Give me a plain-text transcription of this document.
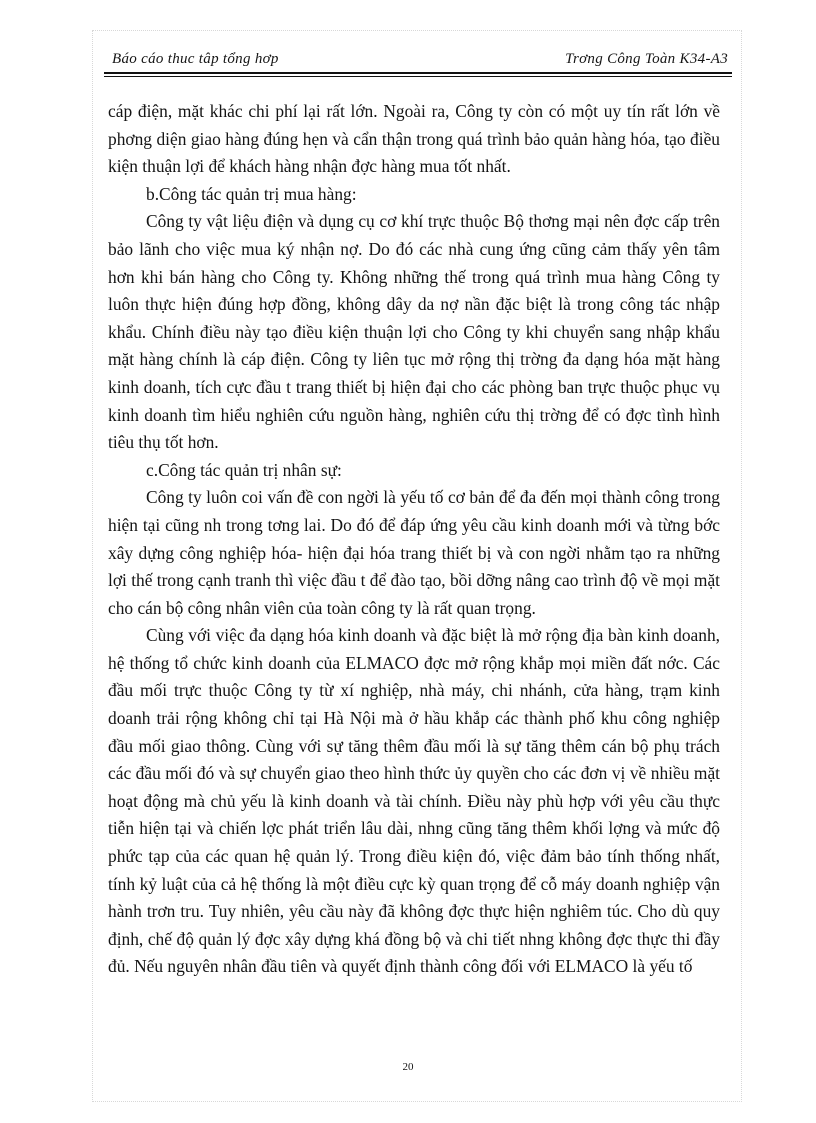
Báo cáo thuc tâp tổng hơp	Trơng Công Toàn K34-A3

cáp điện, mặt khác chi phí lại rất lớn. Ngoài ra, Công ty còn có một uy tín rất lớn về phơng diện giao hàng đúng hẹn và cẩn thận trong quá trình bảo quản hàng hóa, tạo điều kiện thuận lợi để khách hàng nhận đợc hàng mua tốt nhất.

b.Công tác quản trị mua hàng:

Công ty vật liệu điện và dụng cụ cơ khí trực thuộc Bộ thơng mại nên đợc cấp trên bảo lãnh cho việc mua ký nhận nợ. Do đó các nhà cung ứng cũng cảm thấy yên tâm hơn khi bán hàng cho Công ty. Không những thế trong quá trình mua hàng Công ty luôn thực hiện đúng hợp đồng, không dây da nợ nần đặc biệt là trong công tác nhập khẩu. Chính điều này tạo điều kiện thuận lợi cho Công ty khi chuyển sang nhập khẩu mặt hàng chính là cáp điện. Công ty liên tục mở rộng thị trờng đa dạng hóa mặt hàng kinh doanh, tích cực đầu t trang thiết bị hiện đại cho các phòng ban trực thuộc phục vụ kinh doanh tìm hiểu nghiên cứu nguồn hàng, nghiên cứu thị trờng để có đợc tình hình tiêu thụ tốt hơn.

c.Công tác quản trị nhân sự:

Công ty luôn coi vấn đề con ngời là yếu tố cơ bản để đa đến mọi thành công trong hiện tại cũng nh trong tơng lai. Do đó để đáp ứng yêu cầu kinh doanh mới và từng bớc xây dựng công nghiệp hóa- hiện đại hóa trang thiết bị và con ngời nhằm tạo ra những lợi thế trong cạnh tranh thì việc đầu t để đào tạo, bồi dỡng nâng cao trình độ về mọi mặt cho cán bộ công nhân viên của toàn công ty là rất quan trọng.

Cùng với việc đa dạng hóa kinh doanh và đặc biệt là mở rộng địa bàn kinh doanh, hệ thống tổ chức kinh doanh của ELMACO đợc mở rộng khắp mọi miền đất nớc. Các đầu mối trực thuộc Công ty từ xí nghiệp, nhà máy, chi nhánh, cửa hàng, trạm kinh doanh trải rộng không chỉ tại Hà Nội mà ở hầu khắp các thành phố khu công nghiệp đầu mối giao thông. Cùng với sự tăng thêm đầu mối là sự tăng thêm cán bộ phụ trách các đầu mối đó và sự chuyển giao theo hình thức ủy quyền cho các đơn vị về nhiều mặt hoạt động mà chủ yếu là kinh doanh và tài chính. Điều này phù hợp với yêu cầu thực tiễn hiện tại và chiến lợc phát triển lâu dài, nhng cũng tăng thêm khối lợng và mức độ phức tạp của các quan hệ quản lý. Trong điều kiện đó, việc đảm bảo tính thống nhất, tính kỷ luật của cả hệ thống là một điều cực kỳ quan trọng để cỗ máy doanh nghiệp vận hành trơn tru. Tuy nhiên, yêu cầu này đã không đợc thực hiện nghiêm túc. Cho dù quy định, chế độ quản lý đợc xây dựng khá đồng bộ và chi tiết nhng không đợc thực thi đầy đủ. Nếu nguyên nhân đầu tiên và quyết định thành công đối với ELMACO là yếu tố

20
